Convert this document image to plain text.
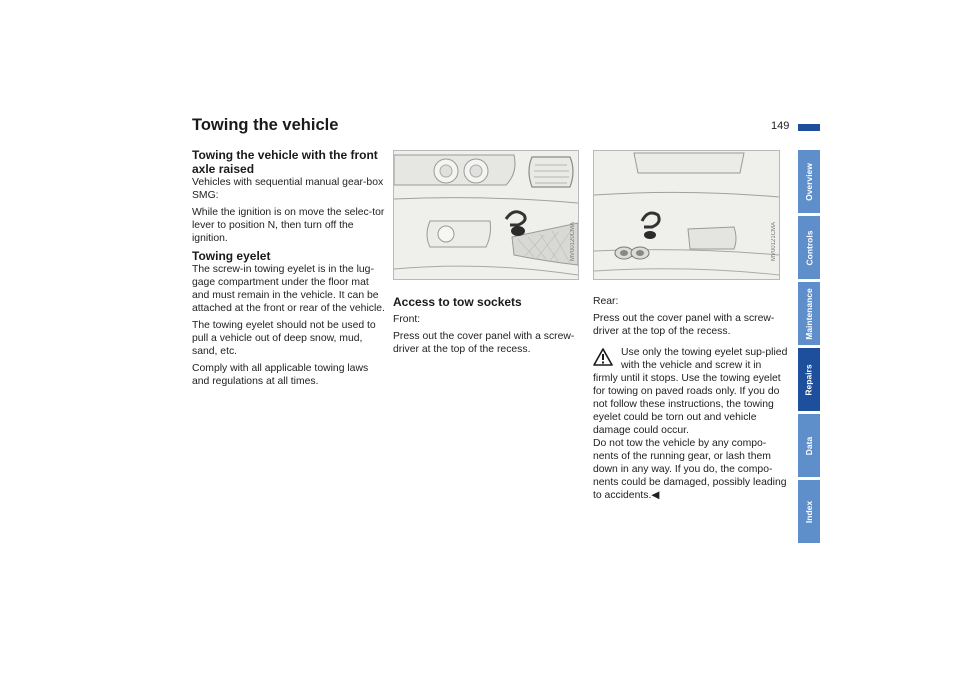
Towing the vehicle	149
Towing the vehicle with the front
axle raised

Vehicles with sequential manual gear-box SMG:

While the ignition is on move the selec-tor lever to position N, then turn off the ignition.

Towing eyelet

The screw-in towing eyelet is in the lug-gage compartment under the floor mat and must remain in the vehicle. It can be attached at the front or rear of the vehicle.

The towing eyelet should not be used to pull a vehicle out of deep snow, mud, sand, etc.

Comply with all applicable towing laws and regulations at all times.

MV00120CMA	MV00121CMA
Access to tow sockets

Front:

Press out the cover panel with a screw-driver at the top of the recess.

Rear:

Press out the cover panel with a screw-driver at the top of the recess.

Use only the towing eyelet sup-plied with the vehicle and screw it in firmly until it stops. Use the towing eyelet for towing on paved roads only. If you do not follow these instructions, the towing eyelet could be torn out and vehicle damage could occur.

Do not tow the vehicle by any compo-nents of the running gear, or lash them down in any way. If you do, the compo-nents could be damaged, possibly leading to accidents.◀

Overview
Controls
Maintenance
Repairs
Data
Index
